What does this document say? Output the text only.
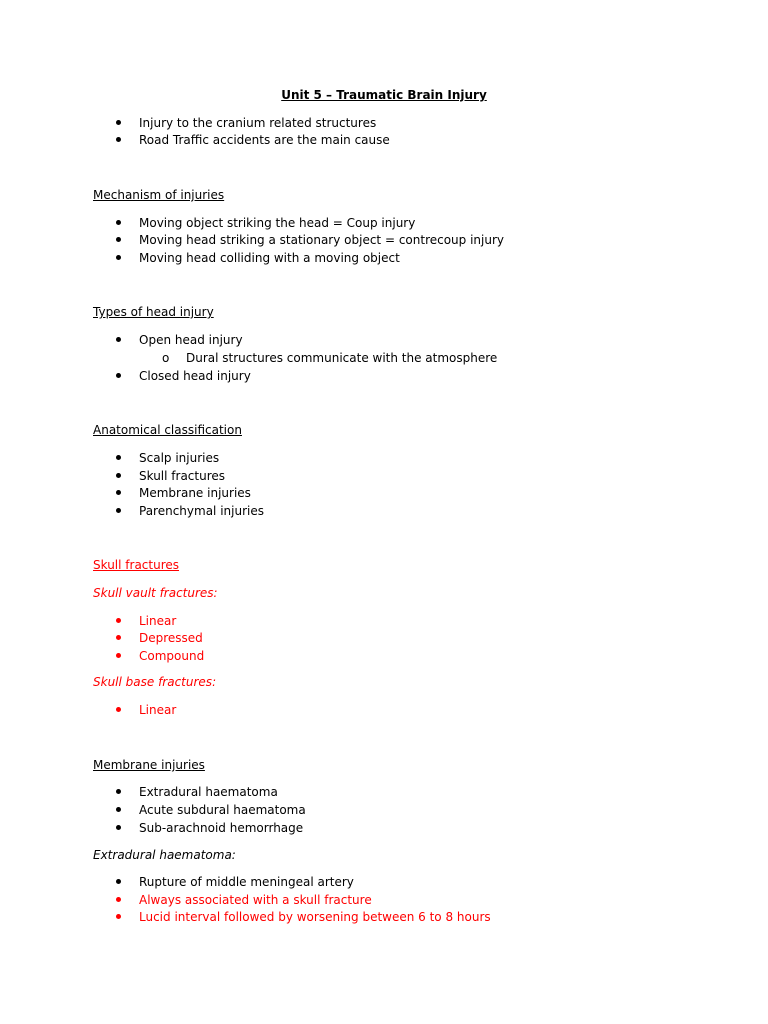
Unit 5 – Traumatic Brain Injury
Injury to the cranium related structures
Road Traffic accidents are the main cause
Mechanism of injuries
Moving object striking the head = Coup injury
Moving head striking a stationary object = contrecoup injury
Moving head colliding with a moving object
Types of head injury
Open head injury
o Dural structures communicate with the atmosphere
Closed head injury
Anatomical classification
Scalp injuries
Skull fractures
Membrane injuries
Parenchymal injuries
Skull fractures
Skull vault fractures:
Linear
Depressed
Compound
Skull base fractures:
Linear
Membrane injuries
Extradural haematoma
Acute subdural haematoma
Sub-arachnoid hemorrhage
Extradural haematoma:
Rupture of middle meningeal artery
Always associated with a skull fracture
Lucid interval followed by worsening between 6 to 8 hours
